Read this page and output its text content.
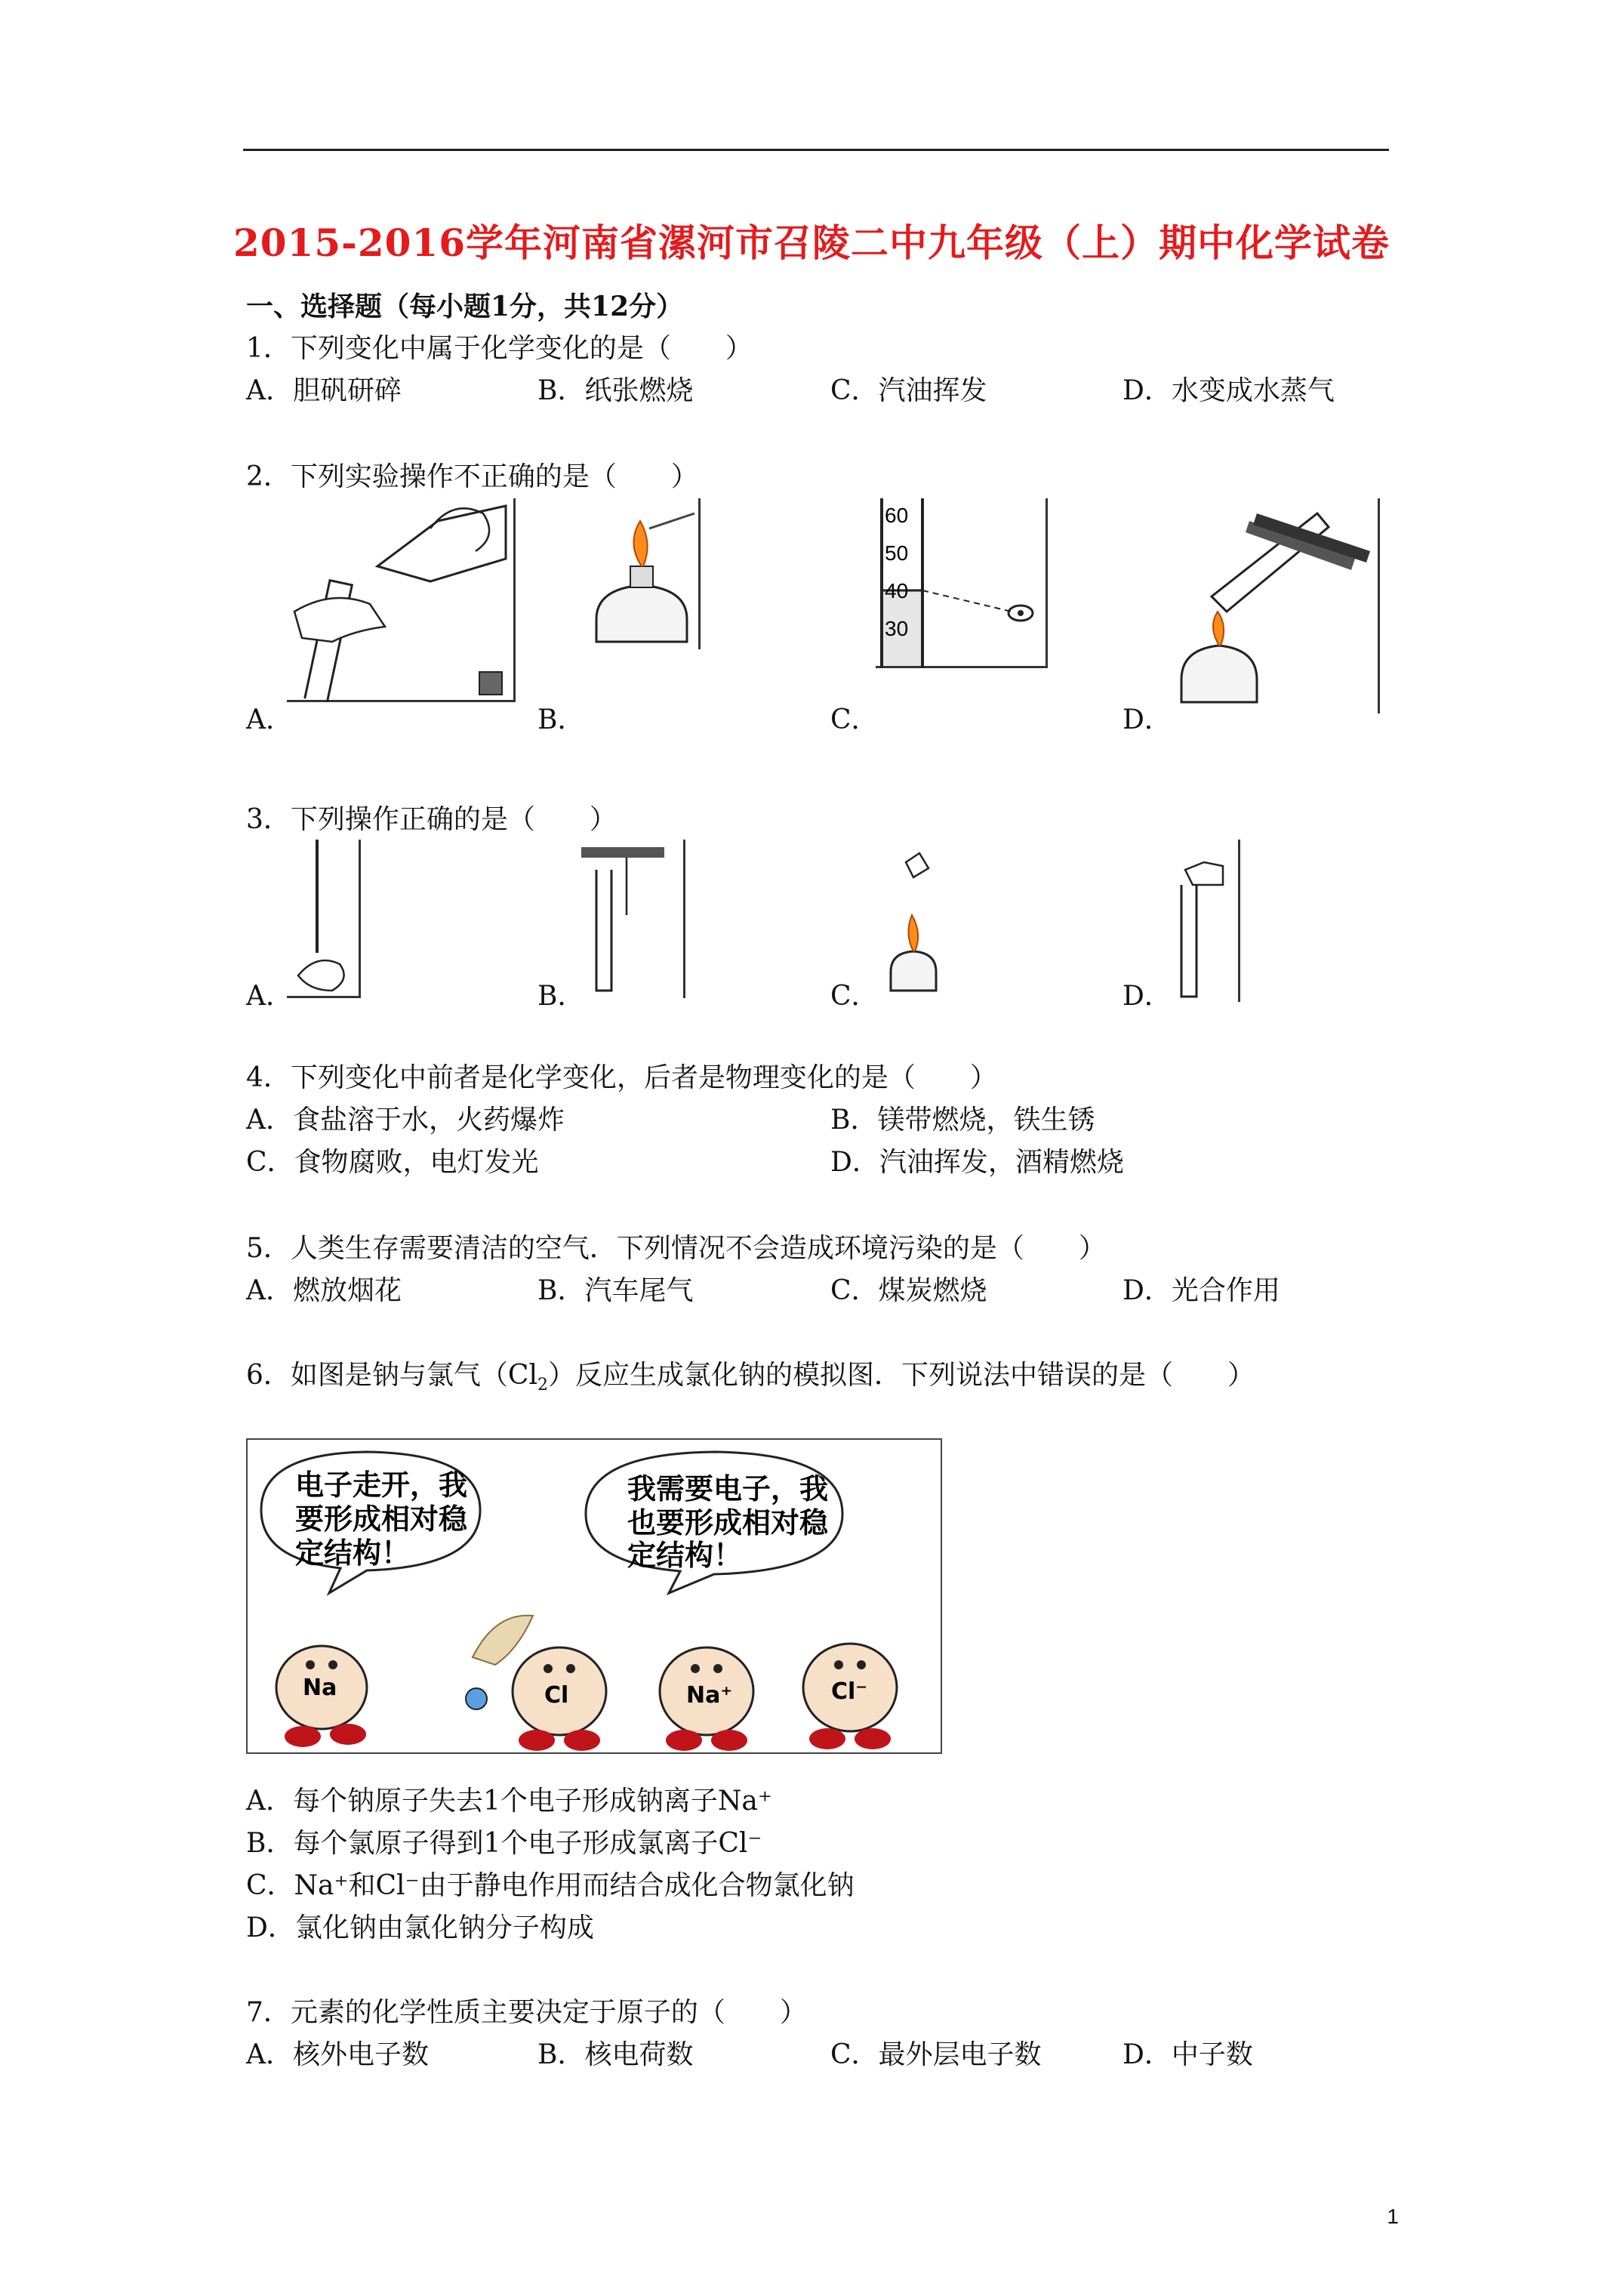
2015-2016学年河南省漯河市召陵二中九年级（上）期中化学试卷
一、选择题（每小题1分，共12分）
1．下列变化中属于化学变化的是（　　）
A．胆矾研碎	B．纸张燃烧	C．汽油挥发	D．水变成水蒸气
2．下列实验操作不正确的是（　　）
A．	B．
60
50
40
30
C．	D．
3．下列操作正确的是（　　）
A．	B．	C．	D．
4．下列变化中前者是化学变化，后者是物理变化的是（　　）
A．食盐溶于水，火药爆炸	B．镁带燃烧，铁生锈
C．食物腐败，电灯发光	D．汽油挥发，酒精燃烧
5．人类生存需要清洁的空气．下列情况不会造成环境污染的是（　　）
A．燃放烟花	B．汽车尾气	C．煤炭燃烧	D．光合作用
6．如图是钠与氯气$(Cl_2)$反应生成氯化钠的模拟图．下列说法中错误的是（　　）
电子走开，我
要形成相对稳
定结构！
我需要电子，我
也要形成相对稳
定结构！
Na	Cl	Na⁺	Cl⁻
A．每个钠原子失去1个电子形成钠离子Na⁺
B．每个氯原子得到1个电子形成氯离子Cl⁻
C．Na⁺和Cl⁻由于静电作用而结合成化合物氯化钠
D．氯化钠由氯化钠分子构成
7．元素的化学性质主要决定于原子的（　　）
A．核外电子数	B．核电荷数	C．最外层电子数	D．中子数
1
